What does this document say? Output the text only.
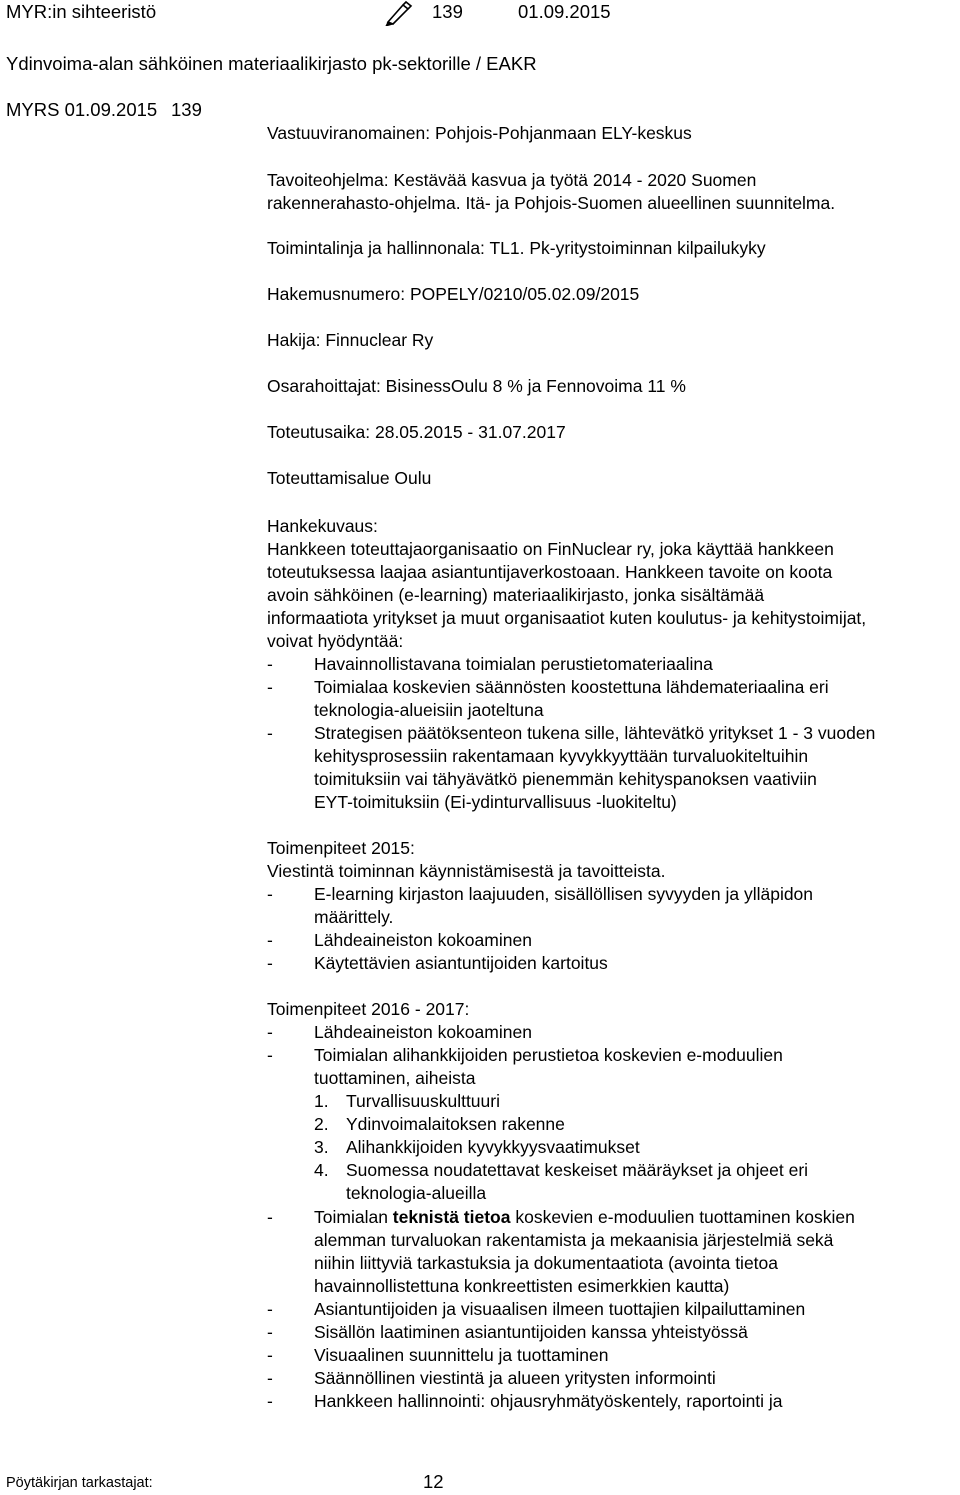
MYR:in sihteeristö	139	01.09.2015
Ydinvoima-alan sähköinen materiaalikirjasto pk-sektorille / EAKR
MYRS 01.09.2015 139
Vastuuviranomainen: Pohjois-Pohjanmaan ELY-keskus
Tavoiteohjelma: Kestävää kasvua ja työtä 2014 - 2020 Suomen
rakennerahasto-ohjelma. Itä- ja Pohjois-Suomen alueellinen suunnitelma.
Toimintalinja ja hallinnonala: TL1. Pk-yritystoiminnan kilpailukyky
Hakemusnumero: POPELY/0210/05.02.09/2015
Hakija: Finnuclear Ry
Osarahoittajat: BisinessOulu 8 % ja Fennovoima 11 %
Toteutusaika: 28.05.2015 - 31.07.2017
Toteuttamisalue Oulu
Hankekuvaus:
Hankkeen toteuttajaorganisaatio on FinNuclear ry, joka käyttää hankkeen
toteutuksessa laajaa asiantuntijaverkostoaan. Hankkeen tavoite on koota
avoin sähköinen (e-learning) materiaalikirjasto, jonka sisältämää
informaatiota yritykset ja muut organisaatiot kuten koulutus- ja kehitystoimijat,
voivat hyödyntää:
- Havainnollistavana toimialan perustietomateriaalina
- Toimialaa koskevien säännösten koostettuna lähdemateriaalina eri
teknologia-alueisiin jaoteltuna
- Strategisen päätöksenteon tukena sille, lähtevätkö yritykset 1 - 3 vuoden
kehitysprosessiin rakentamaan kyvykkyyttään turvaluokiteltuihin
toimituksiin vai tähyävätkö pienemmän kehityspanoksen vaativiin
EYT-toimituksiin (Ei-ydinturvallisuus -luokiteltu)
Toimenpiteet 2015:
Viestintä toiminnan käynnistämisestä ja tavoitteista.
- E-learning kirjaston laajuuden, sisällöllisen syvyyden ja ylläpidon
määrittely.
- Lähdeaineiston kokoaminen
- Käytettävien asiantuntijoiden kartoitus
Toimenpiteet 2016 - 2017:
- Lähdeaineiston kokoaminen
- Toimialan alihankkijoiden perustietoa koskevien e-moduulien
tuottaminen, aiheista
1. Turvallisuuskulttuuri
2. Ydinvoimalaitoksen rakenne
3. Alihankkijoiden kyvykkyysvaatimukset
4. Suomessa noudatettavat keskeiset määräykset ja ohjeet eri
teknologia-alueilla
- Toimialan teknistä tietoa koskevien e-moduulien tuottaminen koskien
alemman turvaluokan rakentamista ja mekaanisia järjestelmiä sekä
niihin liittyviä tarkastuksia ja dokumentaatiota (avointa tietoa
havainnollistettuna konkreettisten esimerkkien kautta)
- Asiantuntijoiden ja visuaalisen ilmeen tuottajien kilpailuttaminen
- Sisällön laatiminen asiantuntijoiden kanssa yhteistyössä
- Visuaalinen suunnittelu ja tuottaminen
- Säännöllinen viestintä ja alueen yritysten informointi
- Hankkeen hallinnointi: ohjausryhmätyöskentely, raportointi ja
Pöytäkirjan tarkastajat:	12
